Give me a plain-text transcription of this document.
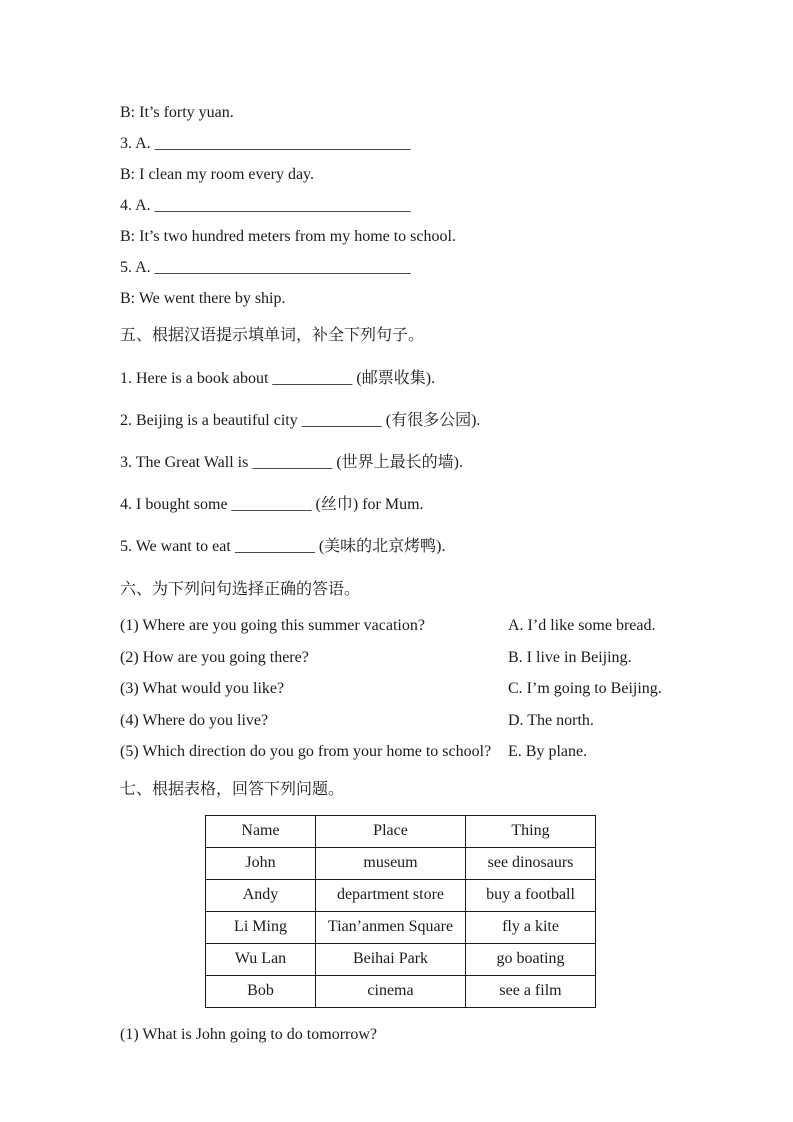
B: It’s forty yuan.

3. A. ________________________________

B: I clean my room every day.

4. A. ________________________________

B: It’s two hundred meters from my home to school.

5. A. ________________________________

B: We went there by ship.

五、根据汉语提示填单词，补全下列句子。

1. Here is a book about __________ (邮票收集).

2. Beijing is a beautiful city __________ (有很多公园).

3. The Great Wall is __________ (世界上最长的墙).

4. I bought some __________ (丝巾) for Mum.

5. We want to eat __________ (美味的北京烤鸭).

六、为下列问句选择正确的答语。

(1) Where are you going this summer vacation?	A. I’d like some bread.
(2) How are you going there?	B. I live in Beijing.
(3) What would you like?	C. I’m going to Beijing.
(4) Where do you live?	D. The north.
(5) Which direction do you go from your home to school?	E. By plane.

七、根据表格，回答下列问题。

Name	Place	Thing
John	museum	see dinosaurs
Andy	department store	buy a football
Li Ming	Tian’anmen Square	fly a kite
Wu Lan	Beihai Park	go boating
Bob	cinema	see a film

(1) What is John going to do tomorrow?
